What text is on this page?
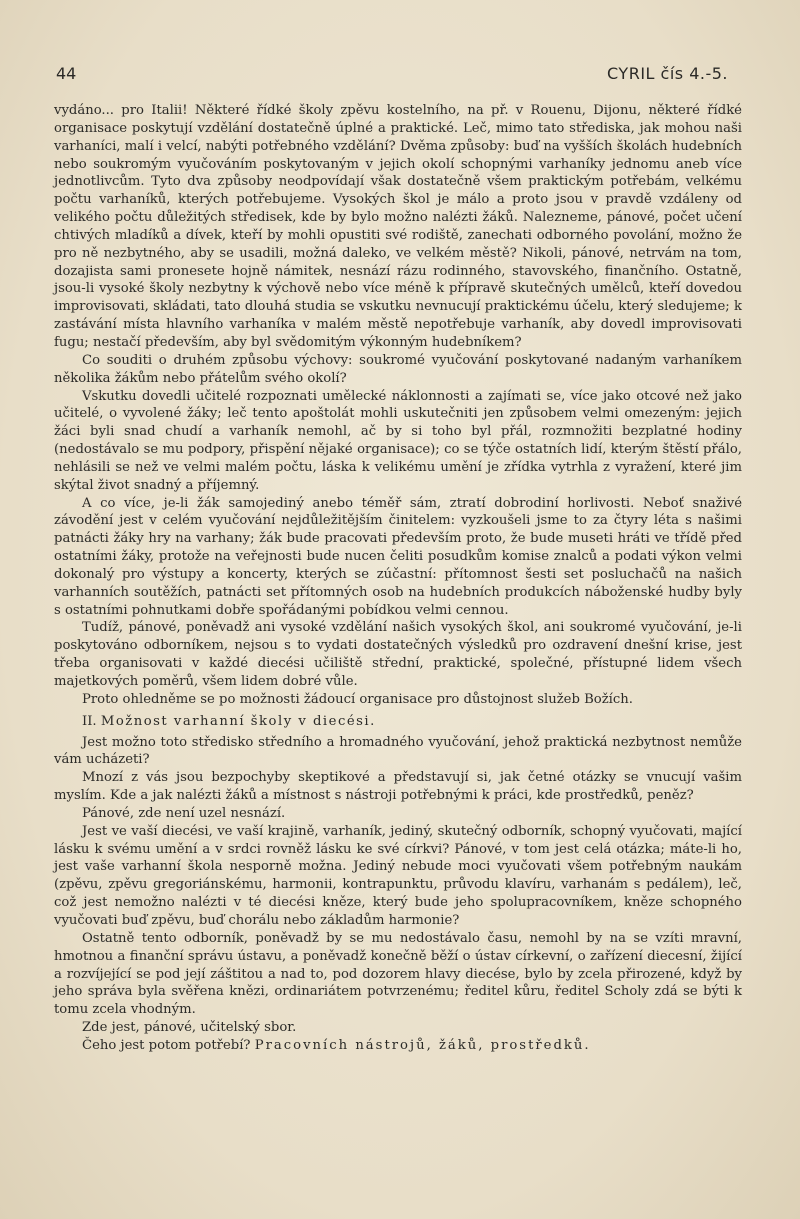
44	CYRIL čís 4.-5.

vydáno... pro Italii! Některé řídké školy zpěvu kostelního, na př. v Rouenu, Dijonu, některé řídké organisace poskytují vzdělání dostatečně úplné a praktické. Leč, mimo tato střediska, jak mohou naši varhaníci, malí i velcí, nabýti potřebného vzdělání? Dvěma způsoby: buď na vyšších školách hudebních nebo soukromým vyučováním poskytovaným v jejich okolí schopnými varhaníky jednomu aneb více jednotlivcům. Tyto dva způsoby neodpovídají však dostatečně všem praktickým potřebám, velkému počtu varhaníků, kterých potřebujeme. Vysokých škol je málo a proto jsou v pravdě vzdáleny od velikého počtu důležitých středisek, kde by bylo možno nalézti žáků. Nalezneme, pánové, počet učení chtivých mladíků a dívek, kteří by mohli opustiti své rodiště, zanechati odborného povolání, možno že pro ně nezbytného, aby se usadili, možná daleko, ve velkém městě? Nikoli, pánové, netrvám na tom, dozajista sami pronesete hojně námitek, nesnází rázu rodinného, stavovského, finančního. Ostatně, jsou-li vysoké školy nezbytny k výchově nebo více méně k přípravě skutečných umělců, kteří dovedou improvisovati, skládati, tato dlouhá studia se vskutku nevnucují praktickému účelu, který sledujeme; k zastávání místa hlavního varhaníka v malém městě nepotřebuje varhaník, aby dovedl improvisovati fugu; nestačí především, aby byl svědomitým výkonným hudebníkem?

Co souditi o druhém způsobu výchovy: soukromé vyučování poskytované nadaným varhaníkem několika žákům nebo přátelům svého okolí?

Vskutku dovedli učitelé rozpoznati umělecké náklonnosti a zajímati se, více jako otcové než jako učitelé, o vyvolené žáky; leč tento apoštolát mohli uskutečniti jen způsobem velmi omezeným: jejich žáci byli snad chudí a varhaník nemohl, ač by si toho byl přál, rozmnožiti bezplatné hodiny (nedostávalo se mu podpory, přispění nějaké organisace); co se týče ostatních lidí, kterým štěstí přálo, nehlásili se než ve velmi malém počtu, láska k velikému umění je zřídka vytrhla z vyražení, které jim skýtal život snadný a příjemný.

A co více, je-li žák samojediný anebo téměř sám, ztratí dobrodiní horlivosti. Neboť snaživé závodění jest v celém vyučování nejdůležitějším činitelem: vyzkoušeli jsme to za čtyry léta s našimi patnácti žáky hry na varhany; žák bude pracovati především proto, že bude museti hráti ve třídě před ostatními žáky, protože na veřejnosti bude nucen čeliti posudkům komise znalců a podati výkon velmi dokonalý pro výstupy a koncerty, kterých se zúčastní: přítomnost šesti set posluchačů na našich varhanních soutěžích, patnácti set přítomných osob na hudebních produkcích náboženské hudby byly s ostatními pohnutkami dobře spořádanými pobídkou velmi cennou.

Tudíž, pánové, poněvadž ani vysoké vzdělání našich vysokých škol, ani soukromé vyučování, je-li poskytováno odborníkem, nejsou s to vydati dostatečných výsledků pro ozdravení dnešní krise, jest třeba organisovati v každé diecési učiliště střední, praktické, společné, přístupné lidem všech majetkových poměrů, všem lidem dobré vůle.

Proto ohledněme se po možnosti žádoucí organisace pro důstojnost služeb Božích.

II. Možnost varhanní školy v diecési.

Jest možno toto středisko středního a hromadného vyučování, jehož praktická nezbytnost nemůže vám ucházeti?

Mnozí z vás jsou bezpochyby skeptikové a představují si, jak četné otázky se vnucují vašim myslím. Kde a jak nalézti žáků a místnost s nástroji potřebnými k práci, kde prostředků, peněz?

Pánové, zde není uzel nesnází.

Jest ve vaší diecési, ve vaší krajině, varhaník, jediný, skutečný odborník, schopný vyučovati, mající lásku k svému umění a v srdci rovněž lásku ke své církvi? Pánové, v tom jest celá otázka; máte-li ho, jest vaše varhanní škola nesporně možna. Jediný nebude moci vyučovati všem potřebným naukám (zpěvu, zpěvu gregoriánskému, harmonii, kontrapunktu, průvodu klavíru, varhanám s pedálem), leč, což jest nemožno nalézti v té diecési kněze, který bude jeho spolupracovníkem, kněze schopného vyučovati buď zpěvu, buď chorálu nebo základům harmonie?

Ostatně tento odborník, poněvadž by se mu nedostávalo času, nemohl by na se vzíti mravní, hmotnou a finanční správu ústavu, a poněvadž konečně běží o ústav církevní, o zařízení diecesní, žijící a rozvíjející se pod její záštitou a nad to, pod dozorem hlavy diecése, bylo by zcela přirozené, když by jeho správa byla svěřena knězi, ordinariátem potvrzenému; ředitel kůru, ředitel Scholy zdá se býti k tomu zcela vhodným.

Zde jest, pánové, učitelský sbor.

Čeho jest potom potřebí? Pracovních nástrojů, žáků, prostředků.
